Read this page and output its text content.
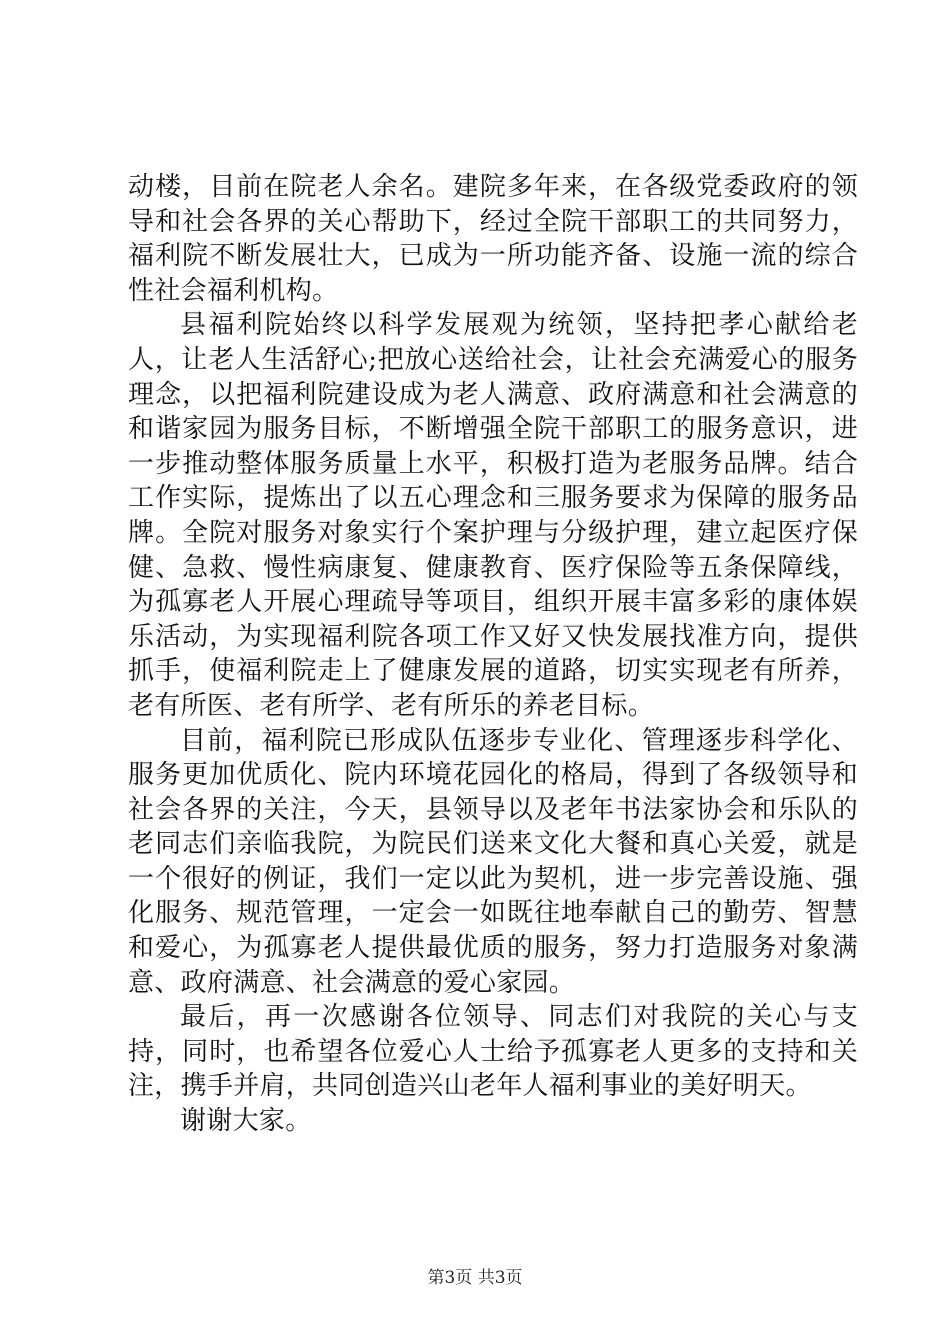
动楼，目前在院老人余名。建院多年来，在各级党委政府的领导和社会各界的关心帮助下，经过全院干部职工的共同努力，福利院不断发展壮大，已成为一所功能齐备、设施一流的综合性社会福利机构。

县福利院始终以科学发展观为统领，坚持把孝心献给老人，让老人生活舒心;把放心送给社会，让社会充满爱心的服务理念，以把福利院建设成为老人满意、政府满意和社会满意的和谐家园为服务目标，不断增强全院干部职工的服务意识，进一步推动整体服务质量上水平，积极打造为老服务品牌。结合工作实际，提炼出了以五心理念和三服务要求为保障的服务品牌。全院对服务对象实行个案护理与分级护理，建立起医疗保健、急救、慢性病康复、健康教育、医疗保险等五条保障线，为孤寡老人开展心理疏导等项目，组织开展丰富多彩的康体娱乐活动，为实现福利院各项工作又好又快发展找准方向，提供抓手，使福利院走上了健康发展的道路，切实实现老有所养，老有所医、老有所学、老有所乐的养老目标。

目前，福利院已形成队伍逐步专业化、管理逐步科学化、服务更加优质化、院内环境花园化的格局，得到了各级领导和社会各界的关注，今天，县领导以及老年书法家协会和乐队的老同志们亲临我院，为院民们送来文化大餐和真心关爱，就是一个很好的例证，我们一定以此为契机，进一步完善设施、强化服务、规范管理，一定会一如既往地奉献自己的勤劳、智慧和爱心，为孤寡老人提供最优质的服务，努力打造服务对象满意、政府满意、社会满意的爱心家园。

最后，再一次感谢各位领导、同志们对我院的关心与支持，同时，也希望各位爱心人士给予孤寡老人更多的支持和关注，携手并肩，共同创造兴山老年人福利事业的美好明天。

谢谢大家。

第3页 共3页
